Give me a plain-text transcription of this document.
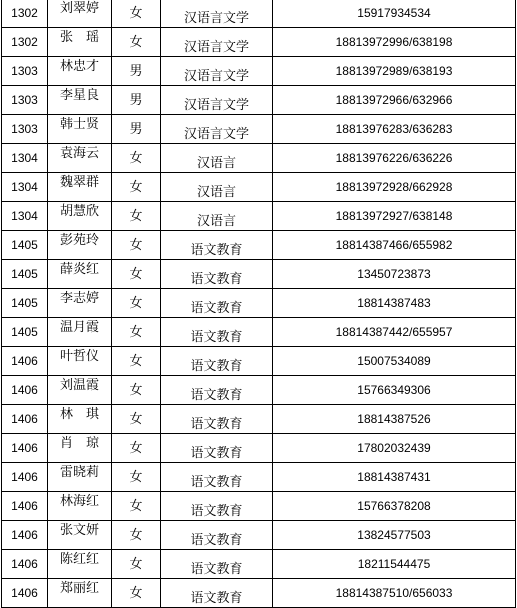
1302	刘翠婷	女	汉语言文学	15917934534
1302	张　瑶	女	汉语言文学	18813972996/638198
1303	林忠才	男	汉语言文学	18813972989/638193
1303	李星良	男	汉语言文学	18813972966/632966
1303	韩士贤	男	汉语言文学	18813976283/636283
1304	袁海云	女	汉语言	18813976226/636226
1304	魏翠群	女	汉语言	18813972928/662928
1304	胡慧欣	女	汉语言	18813972927/638148
1405	彭苑玲	女	语文教育	18814387466/655982
1405	薛炎红	女	语文教育	13450723873
1405	李志婷	女	语文教育	18814387483
1405	温月霞	女	语文教育	18814387442/655957
1406	叶哲仪	女	语文教育	15007534089
1406	刘温霞	女	语文教育	15766349306
1406	林　琪	女	语文教育	18814387526
1406	肖　琼	女	语文教育	17802032439
1406	雷晓莉	女	语文教育	18814387431
1406	林海红	女	语文教育	15766378208
1406	张文妍	女	语文教育	13824577503
1406	陈红红	女	语文教育	18211544475
1406	郑丽红	女	语文教育	18814387510/656033
